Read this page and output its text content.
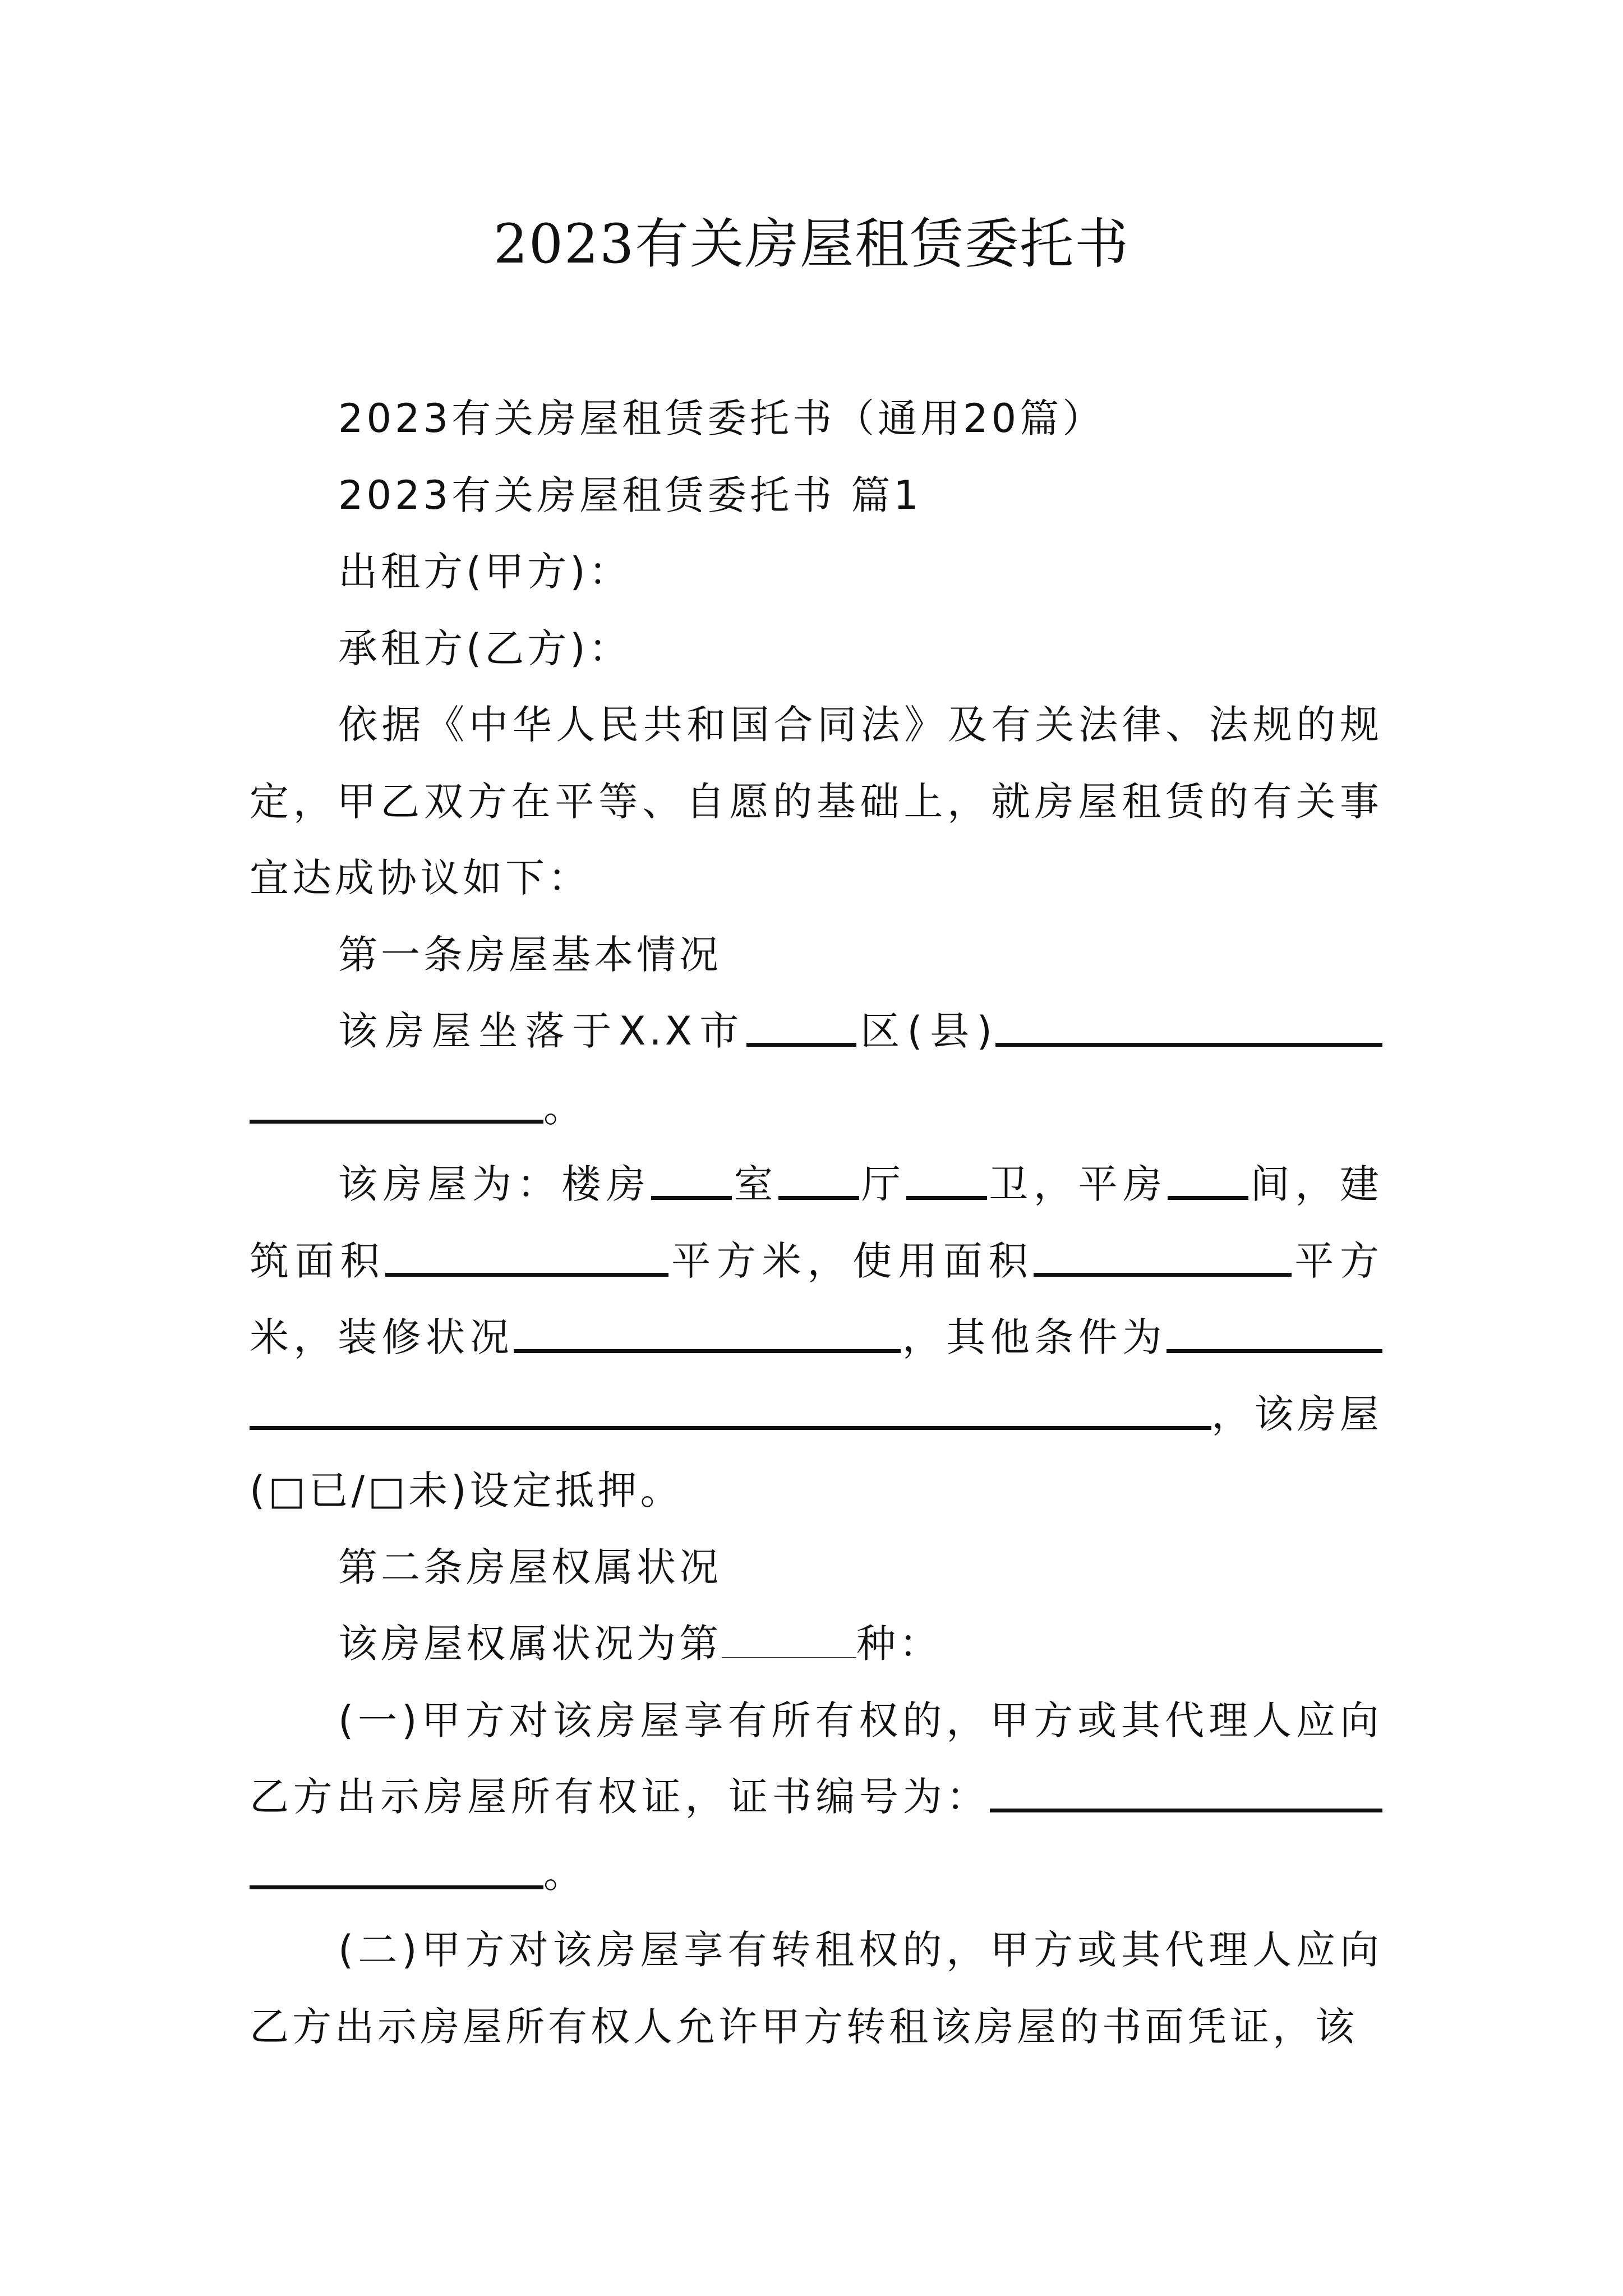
2023有关房屋租赁委托书

2023有关房屋租赁委托书（通用20篇）

2023有关房屋租赁委托书 篇1

出租方(甲方)：

承租方(乙方)：

依据《中华人民共和国合同法》及有关法律、法规的规定，甲乙双方在平等、自愿的基础上，就房屋租赁的有关事宜达成协议如下：

第一条房屋基本情况

该房屋坐落于X.X市	区(县)。

该房屋为：楼房 室 厅 卫，平房 间，建筑面积	平方米，使用面积	平方米，装修状况	，其他条件为，该房屋(□已/□未)设定抵押。

第二条房屋权属状况

该房屋权属状况为第	种：

(一)甲方对该房屋享有所有权的，甲方或其代理人应向乙方出示房屋所有权证，证书编号为：。

(二)甲方对该房屋享有转租权的，甲方或其代理人应向乙方出示房屋所有权人允许甲方转租该房屋的书面凭证，该
